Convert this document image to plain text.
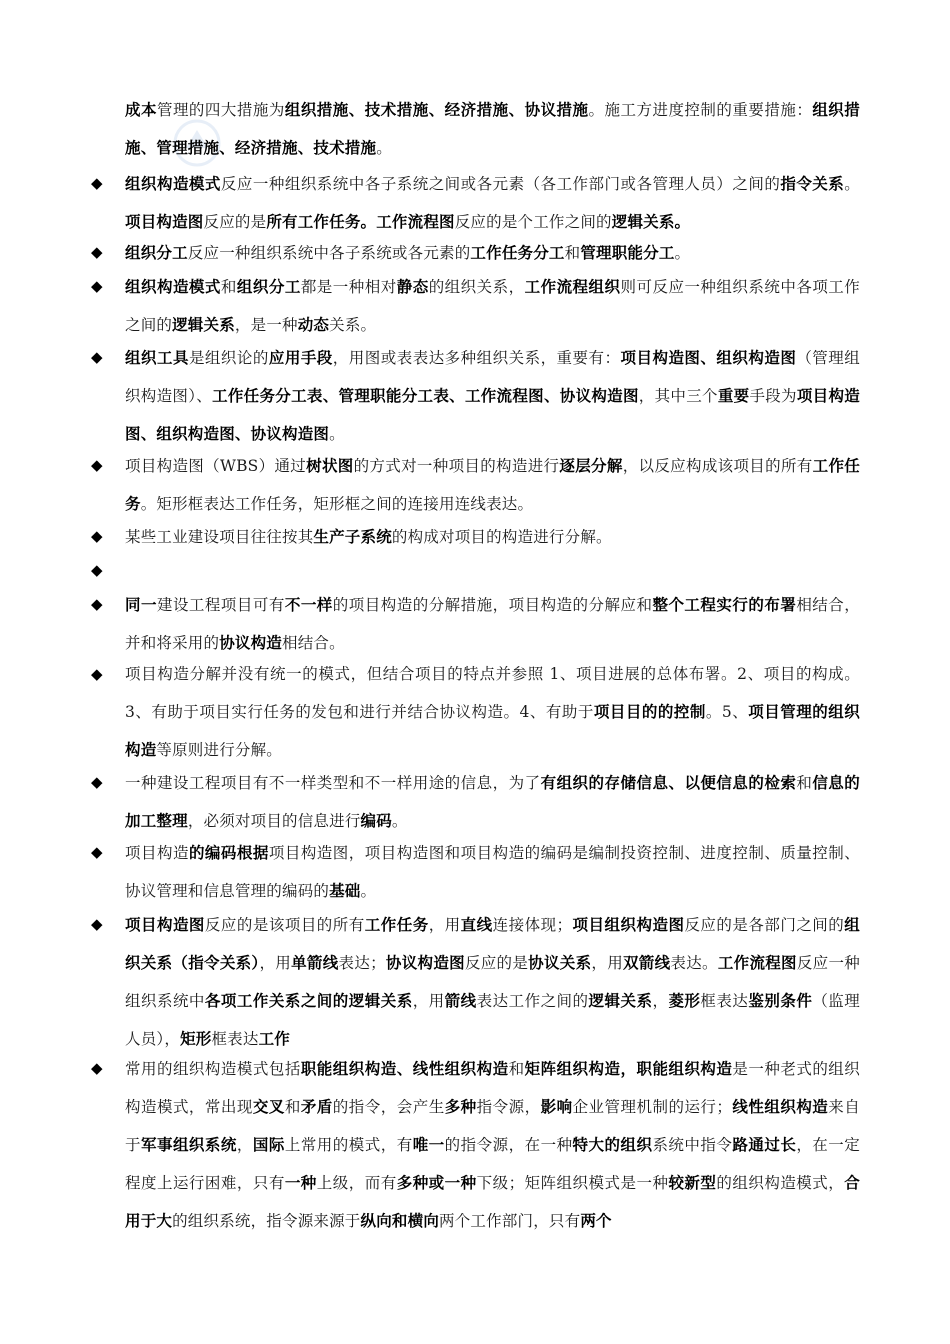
成本管理的四大措施为组织措施、技术措施、经济措施、协议措施。施工方进度控制的重要措施：组织措施、管理措施、经济措施、技术措施。
◆ 组织构造模式反应一种组织系统中各子系统之间或各元素（各工作部门或各管理人员）之间的指令关系。项目构造图反应的是所有工作任务。工作流程图反应的是个工作之间的逻辑关系。
◆ 组织分工反应一种组织系统中各子系统或各元素的工作任务分工和管理职能分工。
◆ 组织构造模式和组织分工都是一种相对静态的组织关系，工作流程组织则可反应一种组织系统中各项工作之间的逻辑关系，是一种动态关系。
◆ 组织工具是组织论的应用手段，用图或表表达多种组织关系，重要有：项目构造图、组织构造图（管理组织构造图）、工作任务分工表、管理职能分工表、工作流程图、协议构造图，其中三个重要手段为项目构造图、组织构造图、协议构造图。
◆ 项目构造图（WBS）通过树状图的方式对一种项目的构造进行逐层分解，以反应构成该项目的所有工作任务。矩形框表达工作任务，矩形框之间的连接用连线表达。
◆ 某些工业建设项目往往按其生产子系统的构成对项目的构造进行分解。
◆
◆ 同一建设工程项目可有不一样的项目构造的分解措施，项目构造的分解应和整个工程实行的布署相结合，并和将采用的协议构造相结合。
◆ 项目构造分解并没有统一的模式，但结合项目的特点并参照 1、项目进展的总体布署。2、项目的构成。3、有助于项目实行任务的发包和进行并结合协议构造。4、有助于项目目的的控制。5、项目管理的组织构造等原则进行分解。
◆ 一种建设工程项目有不一样类型和不一样用途的信息，为了有组织的存储信息、以便信息的检索和信息的加工整理，必须对项目的信息进行编码。
◆ 项目构造的编码根据项目构造图，项目构造图和项目构造的编码是编制投资控制、进度控制、质量控制、协议管理和信息管理的编码的基础。
◆ 项目构造图反应的是该项目的所有工作任务，用直线连接体现；项目组织构造图反应的是各部门之间的组织关系（指令关系），用单箭线表达；协议构造图反应的是协议关系，用双箭线表达。工作流程图反应一种组织系统中各项工作关系之间的逻辑关系，用箭线表达工作之间的逻辑关系，菱形框表达鉴别条件（监理人员），矩形框表达工作
◆ 常用的组织构造模式包括职能组织构造、线性组织构造和矩阵组织构造，职能组织构造是一种老式的组织构造模式，常出现交叉和矛盾的指令，会产生多种指令源，影响企业管理机制的运行；线性组织构造来自于军事组织系统，国际上常用的模式，有唯一的指令源，在一种特大的组织系统中指令路通过长，在一定程度上运行困难，只有一种上级，而有多种或一种下级；矩阵组织模式是一种较新型的组织构造模式，合用于大的组织系统，指令源来源于纵向和横向两个工作部门，只有两个
